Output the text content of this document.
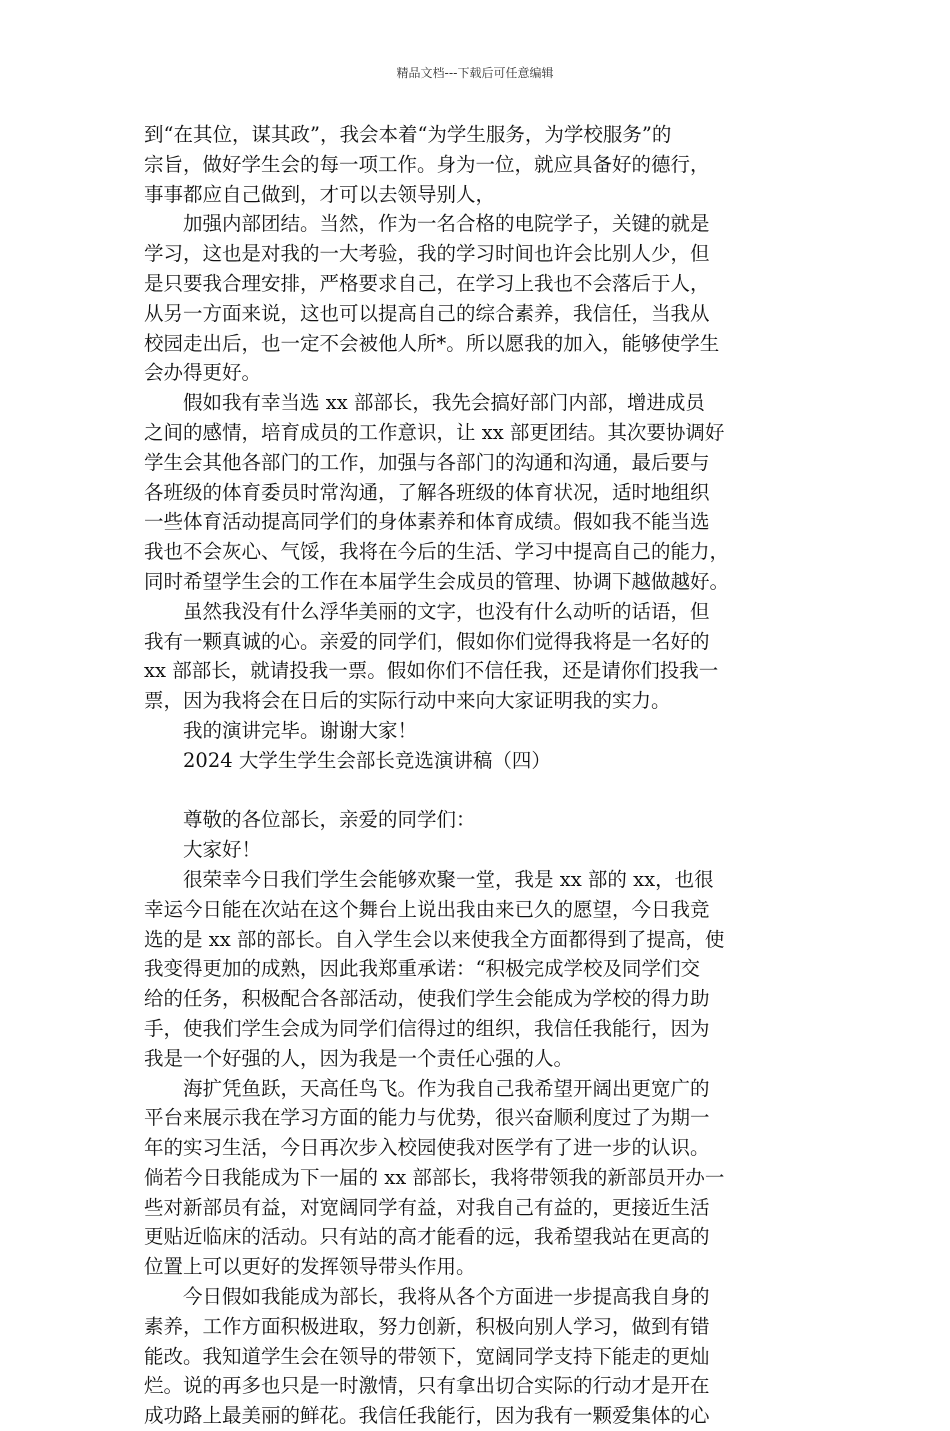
精品文档---下载后可任意编辑
到“在其位，谋其政”，我会本着“为学生服务，为学校服务”的
宗旨，做好学生会的每一项工作。身为一位，就应具备好的德行，
事事都应自己做到，才可以去领导别人，
　　加强内部团结。当然，作为一名合格的电院学子，关键的就是
学习，这也是对我的一大考验，我的学习时间也许会比别人少，但
是只要我合理安排，严格要求自己，在学习上我也不会落后于人，
从另一方面来说，这也可以提高自己的综合素养，我信任，当我从
校园走出后，也一定不会被他人所*。所以愿我的加入，能够使学生
会办得更好。
　　假如我有幸当选 xx 部部长，我先会搞好部门内部，增进成员
之间的感情，培育成员的工作意识，让 xx 部更团结。其次要协调好
学生会其他各部门的工作，加强与各部门的沟通和沟通，最后要与
各班级的体育委员时常沟通，了解各班级的体育状况，适时地组织
一些体育活动提高同学们的身体素养和体育成绩。假如我不能当选
我也不会灰心、气馁，我将在今后的生活、学习中提高自己的能力，
同时希望学生会的工作在本届学生会成员的管理、协调下越做越好。
　　虽然我没有什么浮华美丽的文字，也没有什么动听的话语，但
我有一颗真诚的心。亲爱的同学们，假如你们觉得我将是一名好的
xx 部部长，就请投我一票。假如你们不信任我，还是请你们投我一
票，因为我将会在日后的实际行动中来向大家证明我的实力。
　　我的演讲完毕。谢谢大家！
　　2024 大学生学生会部长竞选演讲稿（四）
　　尊敬的各位部长，亲爱的同学们：
　　大家好！
　　很荣幸今日我们学生会能够欢聚一堂，我是 xx 部的 xx，也很
幸运今日能在次站在这个舞台上说出我由来已久的愿望，今日我竞
选的是 xx 部的部长。自入学生会以来使我全方面都得到了提高，使
我变得更加的成熟，因此我郑重承诺：“积极完成学校及同学们交
给的任务，积极配合各部活动，使我们学生会能成为学校的得力助
手，使我们学生会成为同学们信得过的组织，我信任我能行，因为
我是一个好强的人，因为我是一个责任心强的人。
　　海扩凭鱼跃，天高任鸟飞。作为我自己我希望开阔出更宽广的
平台来展示我在学习方面的能力与优势，很兴奋顺利度过了为期一
年的实习生活，今日再次步入校园使我对医学有了进一步的认识。
倘若今日我能成为下一届的 xx 部部长，我将带领我的新部员开办一
些对新部员有益，对宽阔同学有益，对我自己有益的，更接近生活
更贴近临床的活动。只有站的高才能看的远，我希望我站在更高的
位置上可以更好的发挥领导带头作用。
　　今日假如我能成为部长，我将从各个方面进一步提高我自身的
素养，工作方面积极进取，努力创新，积极向别人学习，做到有错
能改。我知道学生会在领导的带领下，宽阔同学支持下能走的更灿
烂。说的再多也只是一时激情，只有拿出切合实际的行动才是开在
成功路上最美丽的鲜花。我信任我能行，因为我有一颗爱集体的心
